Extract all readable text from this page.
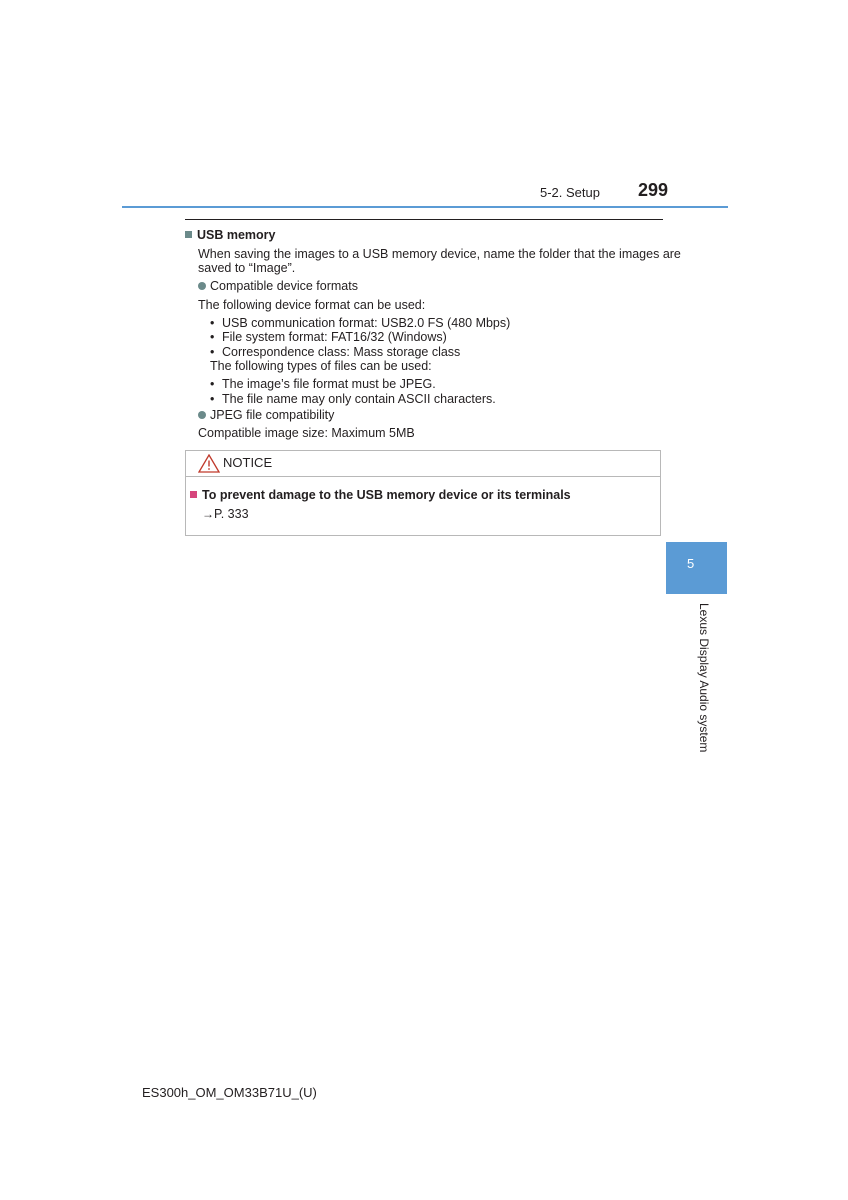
5-2. Setup 299
USB memory
When saving the images to a USB memory device, name the folder that the images are
saved to “Image”.
Compatible device formats
The following device format can be used:
• USB communication format: USB2.0 FS (480 Mbps)
• File system format: FAT16/32 (Windows)
• Correspondence class: Mass storage class
The following types of files can be used:
• The image’s file format must be JPEG.
• The file name may only contain ASCII characters.
JPEG file compatibility
Compatible image size: Maximum 5MB
NOTICE
To prevent damage to the USB memory device or its terminals
→P. 333
5
Lexus Display Audio system
ES300h_OM_OM33B71U_(U)
